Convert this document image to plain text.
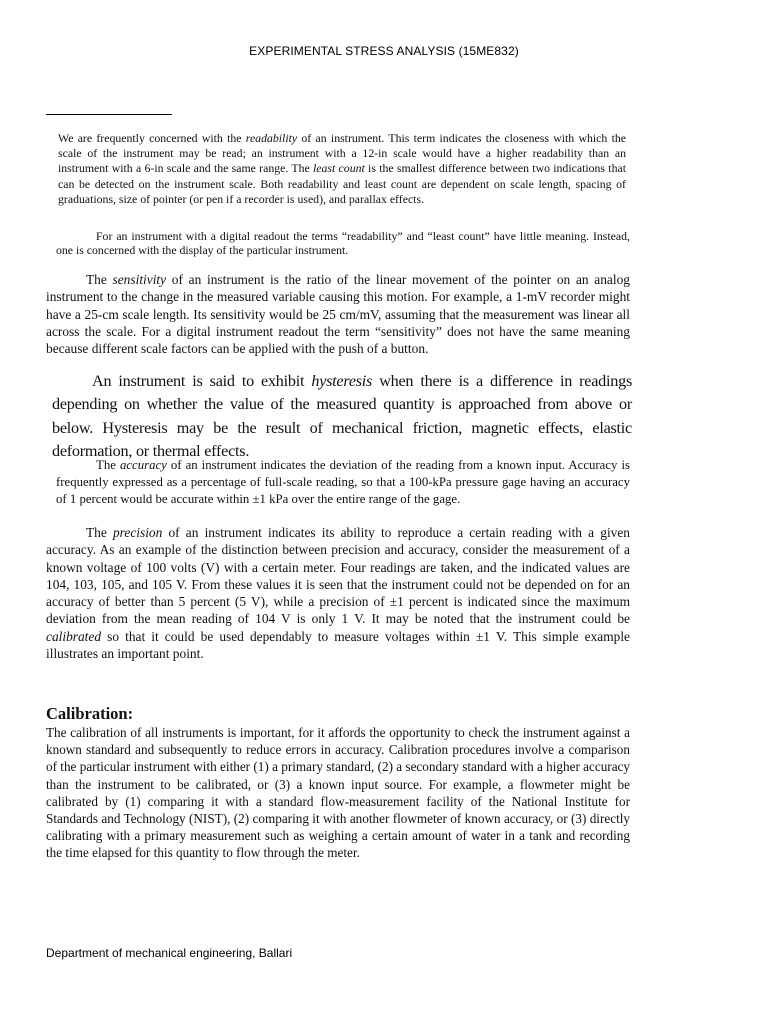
EXPERIMENTAL STRESS ANALYSIS (15ME832)

We are frequently concerned with the readability of an instrument. This term indicates the closeness with which the scale of the instrument may be read; an instrument with a 12-in scale would have a higher readability than an instrument with a 6-in scale and the same range. The least count is the smallest difference between two indications that can be detected on the instrument scale. Both readability and least count are dependent on scale length, spacing of graduations, size of pointer (or pen if a recorder is used), and parallax effects.

For an instrument with a digital readout the terms “readability” and “least count” have little meaning. Instead, one is concerned with the display of the particular instrument.

The sensitivity of an instrument is the ratio of the linear movement of the pointer on an analog instrument to the change in the measured variable causing this motion. For example, a 1-mV recorder might have a 25-cm scale length. Its sensitivity would be 25 cm/mV, assuming that the measurement was linear all across the scale. For a digital instrument readout the term “sensitivity” does not have the same meaning because different scale factors can be applied with the push of a button.

An instrument is said to exhibit hysteresis when there is a difference in readings depending on whether the value of the measured quantity is approached from above or below. Hysteresis may be the result of mechanical friction, magnetic effects, elastic deformation, or thermal effects.

The accuracy of an instrument indicates the deviation of the reading from a known input. Accuracy is frequently expressed as a percentage of full-scale reading, so that a 100-kPa pressure gage having an accuracy of 1 percent would be accurate within ±1 kPa over the entire range of the gage.

The precision of an instrument indicates its ability to reproduce a certain reading with a given accuracy. As an example of the distinction between precision and accuracy, consider the measurement of a known voltage of 100 volts (V) with a certain meter. Four readings are taken, and the indicated values are 104, 103, 105, and 105 V. From these values it is seen that the instrument could not be depended on for an accuracy of better than 5 percent (5 V), while a precision of ±1 percent is indicated since the maximum deviation from the mean reading of 104 V is only 1 V. It may be noted that the instrument could be calibrated so that it could be used dependably to measure voltages within ±1 V. This simple example illustrates an important point.

Calibration:

The calibration of all instruments is important, for it affords the opportunity to check the instrument against a known standard and subsequently to reduce errors in accuracy. Calibration procedures involve a comparison of the particular instrument with either (1) a primary standard, (2) a secondary standard with a higher accuracy than the instrument to be calibrated, or (3) a known input source. For example, a flowmeter might be calibrated by (1) comparing it with a standard flow-measurement facility of the National Institute for Standards and Technology (NIST), (2) comparing it with another flowmeter of known accuracy, or (3) directly calibrating with a primary measurement such as weighing a certain amount of water in a tank and recording the time elapsed for this quantity to flow through the meter.

Department of mechanical engineering, Ballari
